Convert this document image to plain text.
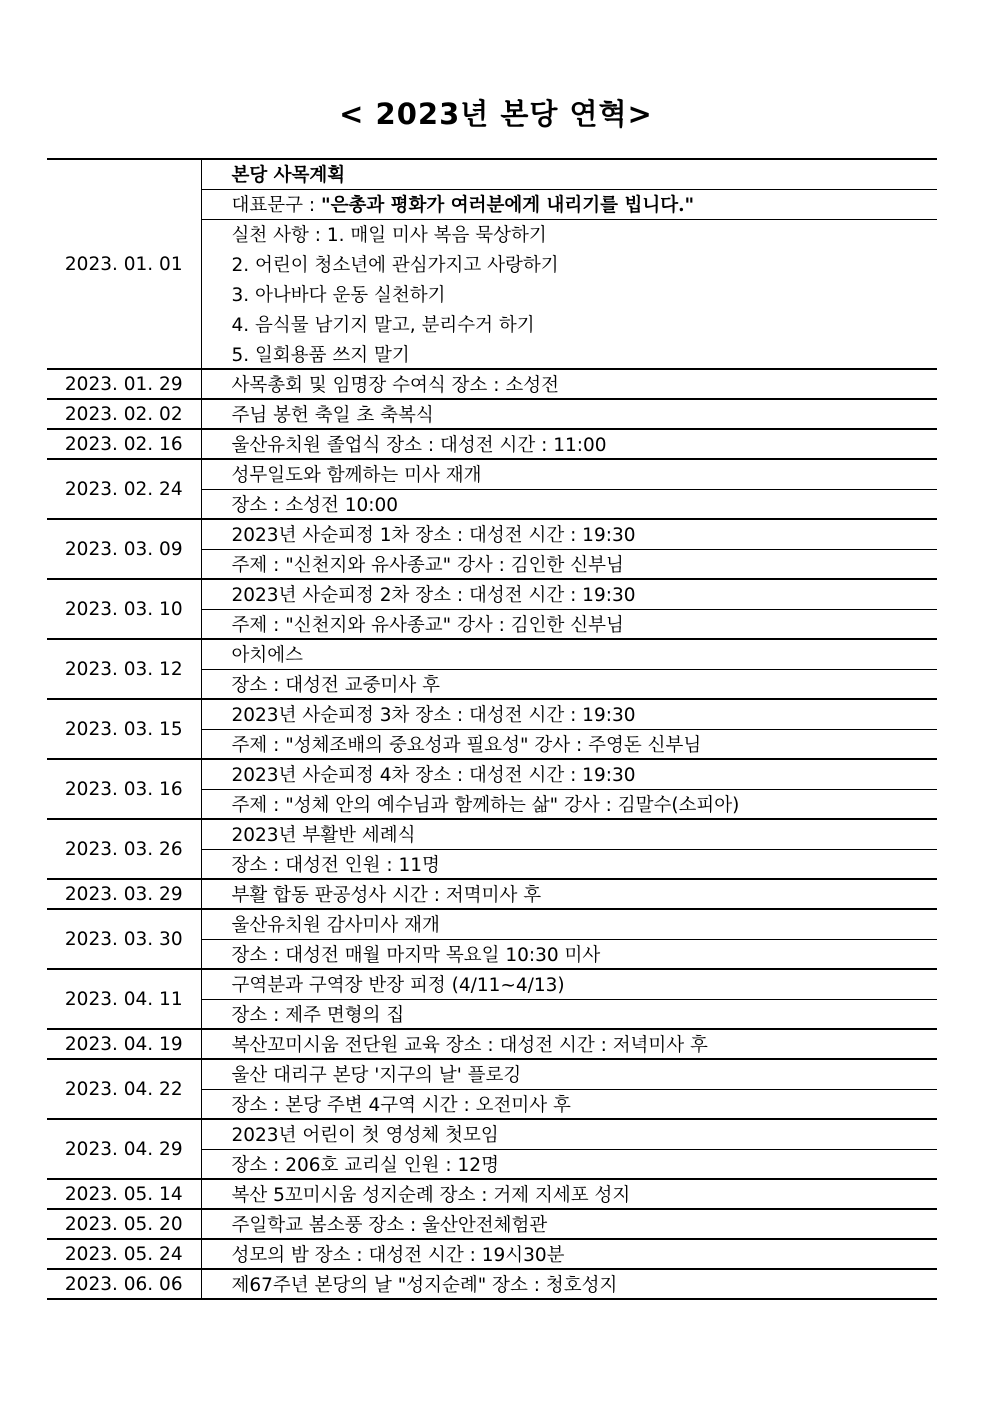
< 2023년 본당 연혁>
2023. 01. 01	본당 사목계획
	대표문구 : "은총과 평화가 여러분에게 내리기를 빕니다."
	실천 사항 : 1. 매일 미사 복음 묵상하기
	2. 어린이 청소년에 관심가지고 사랑하기
	3. 아나바다 운동 실천하기
	4. 음식물 남기지 말고, 분리수거 하기
	5. 일회용품 쓰지 말기
2023. 01. 29	사목총회 및 임명장 수여식 장소 : 소성전
2023. 02. 02	주님 봉헌 축일 초 축복식
2023. 02. 16	울산유치원 졸업식 장소 : 대성전 시간 : 11:00
2023. 02. 24	성무일도와 함께하는 미사 재개
	장소 : 소성전 10:00
2023. 03. 09	2023년 사순피정 1차 장소 : 대성전 시간 : 19:30
	주제 : "신천지와 유사종교" 강사 : 김인한 신부님
2023. 03. 10	2023년 사순피정 2차 장소 : 대성전 시간 : 19:30
	주제 : "신천지와 유사종교" 강사 : 김인한 신부님
2023. 03. 12	아치에스
	장소 : 대성전 교중미사 후
2023. 03. 15	2023년 사순피정 3차 장소 : 대성전 시간 : 19:30
	주제 : "성체조배의 중요성과 필요성" 강사 : 주영돈 신부님
2023. 03. 16	2023년 사순피정 4차 장소 : 대성전 시간 : 19:30
	주제 : "성체 안의 예수님과 함께하는 삶" 강사 : 김말수(소피아)
2023. 03. 26	2023년 부활반 세례식
	장소 : 대성전 인원 : 11명
2023. 03. 29	부활 합동 판공성사 시간 : 저멱미사 후
2023. 03. 30	울산유치원 감사미사 재개
	장소 : 대성전 매월 마지막 목요일 10:30 미사
2023. 04. 11	구역분과 구역장 반장 피정 (4/11~4/13)
	장소 : 제주 면형의 집
2023. 04. 19	복산꼬미시움 전단원 교육 장소 : 대성전 시간 : 저녁미사 후
2023. 04. 22	울산 대리구 본당 '지구의 날' 플로깅
	장소 : 본당 주변 4구역 시간 : 오전미사 후
2023. 04. 29	2023년 어린이 첫 영성체 첫모임
	장소 : 206호 교리실 인원 : 12명
2023. 05. 14	복산 5꼬미시움 성지순례 장소 : 거제 지세포 성지
2023. 05. 20	주일학교 봄소풍 장소 : 울산안전체험관
2023. 05. 24	성모의 밤 장소 : 대성전 시간 : 19시30분
2023. 06. 06	제67주년 본당의 날 "성지순례" 장소 : 청호성지
